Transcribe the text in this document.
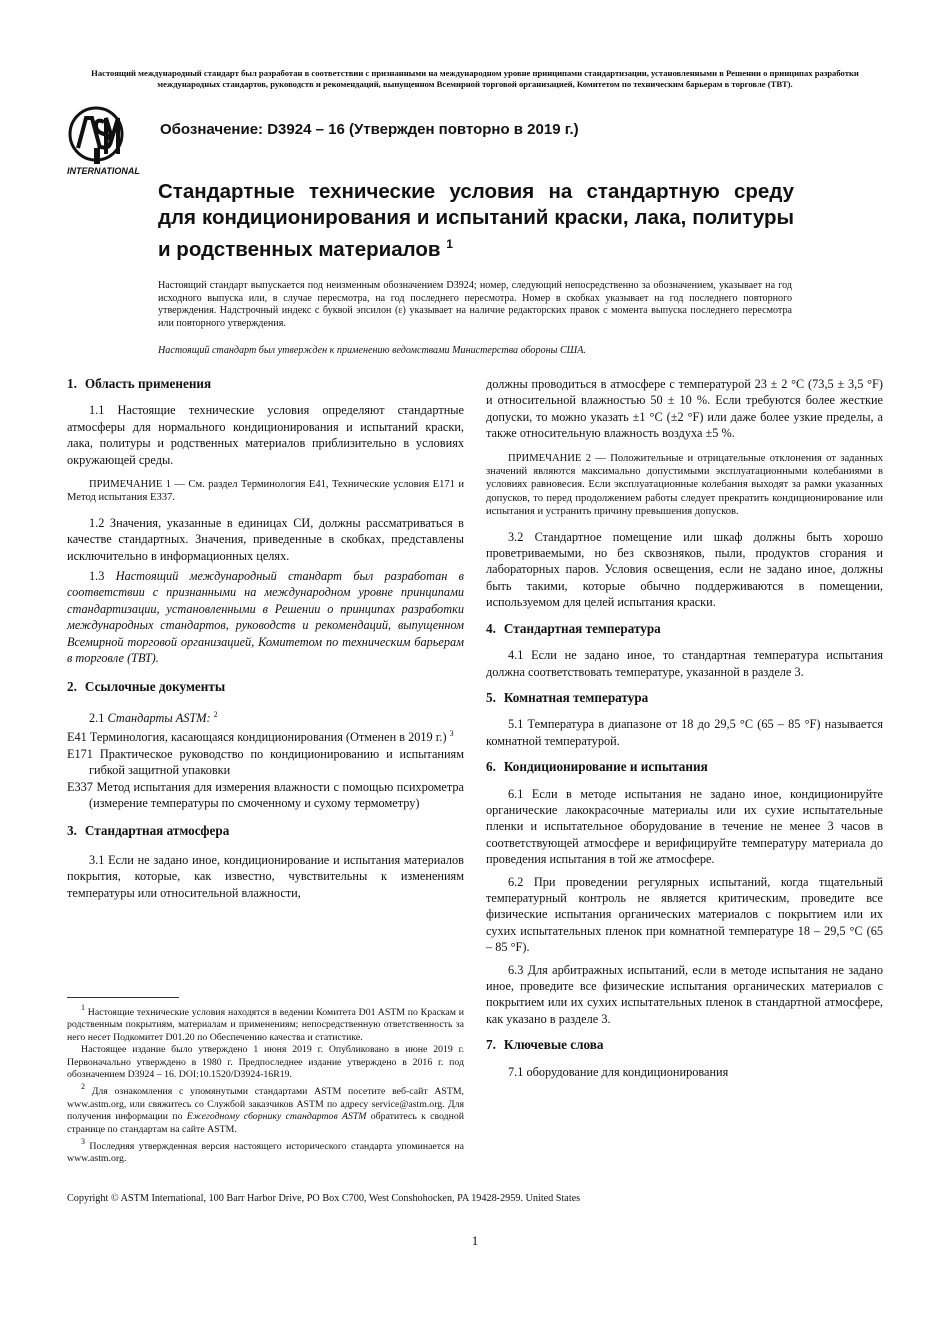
Настоящий международный стандарт был разработан в соответствии с признанными на международном уровне принципами стандартизации, установленными в Решении о принципах разработки международных стандартов, руководств и рекомендаций, выпущенном Всемирной торговой организацией, Комитетом по техническим барьерам в торговле (ТВТ).
INTERNATIONAL
Обозначение: D3924 – 16 (Утвержден повторно в 2019 г.)
Стандартные технические условия на стандартную среду для кондиционирования и испытаний краски, лака, политуры и родственных материалов $^1$
Настоящий стандарт выпускается под неизменным обозначением D3924; номер, следующий непосредственно за обозначением, указывает на год исходного выпуска или, в случае пересмотра, на год последнего пересмотра. Номер в скобках указывает на год последнего повторного утверждения. Надстрочный индекс с буквой эпсилон (ε) указывает на наличие редакторских правок с момента выпуска последнего пересмотра или повторного утверждения.
Настоящий стандарт был утвержден к применению ведомствами Министерства обороны США.
1. Область применения

1.1 Настоящие технические условия определяют стандартные атмосферы для нормального кондиционирования и испытаний краски, лака, политуры и родственных материалов приблизительно в условиях окружающей среды.

ПРИМЕЧАНИЕ 1 — См. раздел Терминология E41, Технические условия E171 и Метод испытания E337.

1.2 Значения, указанные в единицах СИ, должны рассматриваться в качестве стандартных. Значения, приведенные в скобках, представлены исключительно в информационных целях.

1.3 Настоящий международный стандарт был разработан в соответствии с признанными на международном уровне принципами стандартизации, установленными в Решении о принципах разработки международных стандартов, руководств и рекомендаций, выпущенном Всемирной торговой организацией, Комитетом по техническим барьерам в торговле (ТВТ).

2. Ссылочные документы

2.1 Стандарты ASTM: $^2$

E41 Терминология, касающаяся кондиционирования (Отменен в 2019 г.) $^3$

E171 Практическое руководство по кондиционированию и испытаниям гибкой защитной упаковки

E337 Метод испытания для измерения влажности с помощью психрометра (измерение температуры по смоченному и сухому термометру)

3. Стандартная атмосфера

3.1 Если не задано иное, кондиционирование и испытания материалов покрытия, которые, как известно, чувствительны к изменениям температуры или относительной влажности,

$^1$ Настоящие технические условия находятся в ведении Комитета D01 ASTM по Краскам и родственным покрытиям, материалам и применениям; непосредственную ответственность за него несет Подкомитет D01.20 по Обеспечению качества и статистике.

Настоящее издание было утверждено 1 июня 2019 г. Опубликовано в июне 2019 г. Первоначально утверждено в 1980 г. Предпоследнее издание утверждено в 2016 г. под обозначением D3924 – 16. DOI:10.1520/D3924-16R19.

$^2$ Для ознакомления с упомянутыми стандартами ASTM посетите веб-сайт ASTM, www.astm.org, или свяжитесь со Службой заказчиков ASTM по адресу service@astm.org. Для получения информации по Ежегодному сборнику стандартов ASTM обратитесь к сводной странице по стандартам на сайте ASTM.

$^3$ Последняя утвержденная версия настоящего исторического стандарта упоминается на www.astm.org.

должны проводиться в атмосфере с температурой 23 ± 2 °C (73,5 ± 3,5 °F) и относительной влажностью 50 ± 10 %. Если требуются более жесткие допуски, то можно указать ±1 °C (±2 °F) или даже более узкие пределы, а также относительную влажность воздуха ±5 %.

ПРИМЕЧАНИЕ 2 — Положительные и отрицательные отклонения от заданных значений являются максимально допустимыми эксплуатационными колебаниями в условиях равновесия. Если эксплуатационные колебания выходят за рамки указанных допусков, то перед продолжением работы следует прекратить кондиционирование или испытания и устранить причину превышения допусков.

3.2 Стандартное помещение или шкаф должны быть хорошо проветриваемыми, но без сквозняков, пыли, продуктов сгорания и лабораторных паров. Условия освещения, если не задано иное, должны быть такими, которые обычно поддерживаются в помещении, используемом для целей испытания краски.

4. Стандартная температура

4.1 Если не задано иное, то стандартная температура испытания должна соответствовать температуре, указанной в разделе 3.

5. Комнатная температура

5.1 Температура в диапазоне от 18 до 29,5 °C (65 – 85 °F) называется комнатной температурой.

6. Кондиционирование и испытания

6.1 Если в методе испытания не задано иное, кондиционируйте органические лакокрасочные материалы или их сухие испытательные пленки и испытательное оборудование в течение не менее 3 часов в соответствующей атмосфере и верифицируйте температуру материала до проведения испытания в той же атмосфере.

6.2 При проведении регулярных испытаний, когда тщательный температурный контроль не является критическим, проведите все физические испытания органических материалов с покрытием или их сухих испытательных пленок при комнатной температуре 18 – 29,5 °C (65 – 85 °F).

6.3 Для арбитражных испытаний, если в методе испытания не задано иное, проведите все физические испытания органических материалов с покрытием или их сухих испытательных пленок в стандартной атмосфере, как указано в разделе 3.

7. Ключевые слова

7.1 оборудование для кондиционирования

Copyright © ASTM International, 100 Barr Harbor Drive, PO Box C700, West Conshohocken, PA 19428-2959. United States
1
